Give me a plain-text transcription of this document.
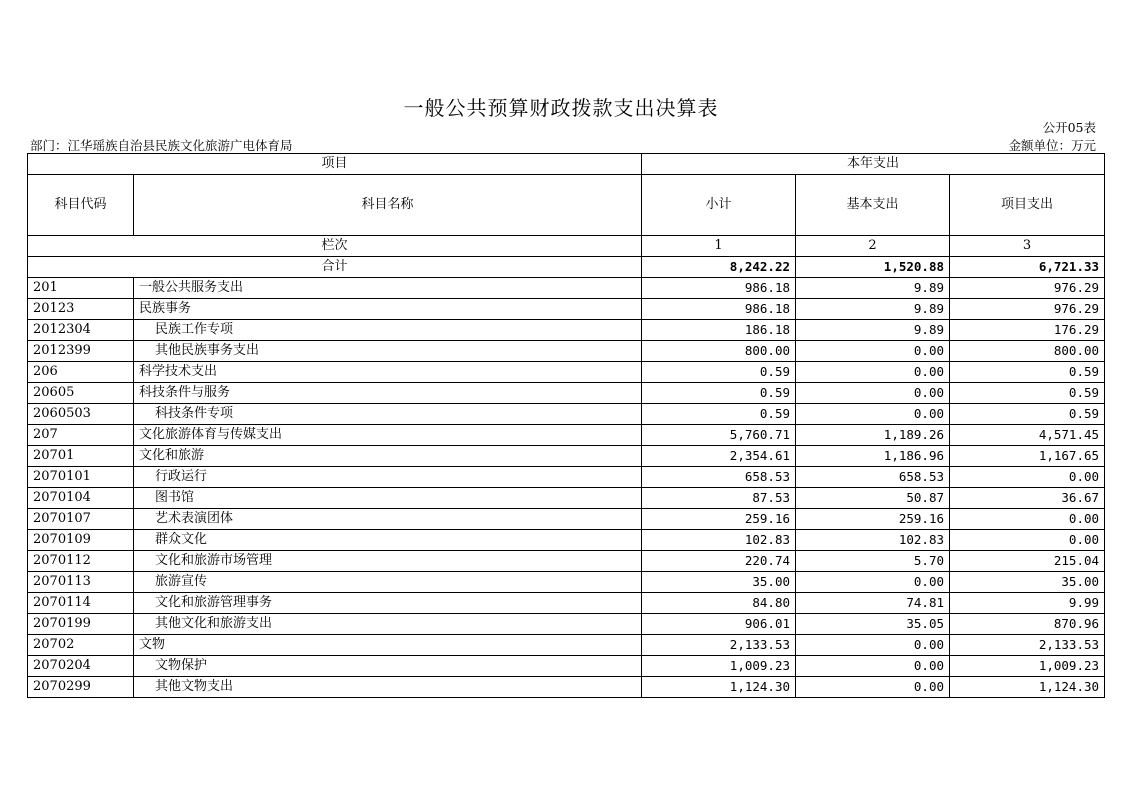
一般公共预算财政拨款支出决算表
公开05表
部门：江华瑶族自治县民族文化旅游广电体育局	金额单位：万元
项目		本年支出		
科目代码	科目名称	小计	基本支出	项目支出
栏次		1	2	3
合计		8,242.22	1,520.88	6,721.33
201	一般公共服务支出	986.18	9.89	976.29
20123	民族事务	986.18	9.89	976.29
2012304	民族工作专项	186.18	9.89	176.29
2012399	其他民族事务支出	800.00	0.00	800.00
206	科学技术支出	0.59	0.00	0.59
20605	科技条件与服务	0.59	0.00	0.59
2060503	科技条件专项	0.59	0.00	0.59
207	文化旅游体育与传媒支出	5,760.71	1,189.26	4,571.45
20701	文化和旅游	2,354.61	1,186.96	1,167.65
2070101	行政运行	658.53	658.53	0.00
2070104	图书馆	87.53	50.87	36.67
2070107	艺术表演团体	259.16	259.16	0.00
2070109	群众文化	102.83	102.83	0.00
2070112	文化和旅游市场管理	220.74	5.70	215.04
2070113	旅游宣传	35.00	0.00	35.00
2070114	文化和旅游管理事务	84.80	74.81	9.99
2070199	其他文化和旅游支出	906.01	35.05	870.96
20702	文物	2,133.53	0.00	2,133.53
2070204	文物保护	1,009.23	0.00	1,009.23
2070299	其他文物支出	1,124.30	0.00	1,124.30
